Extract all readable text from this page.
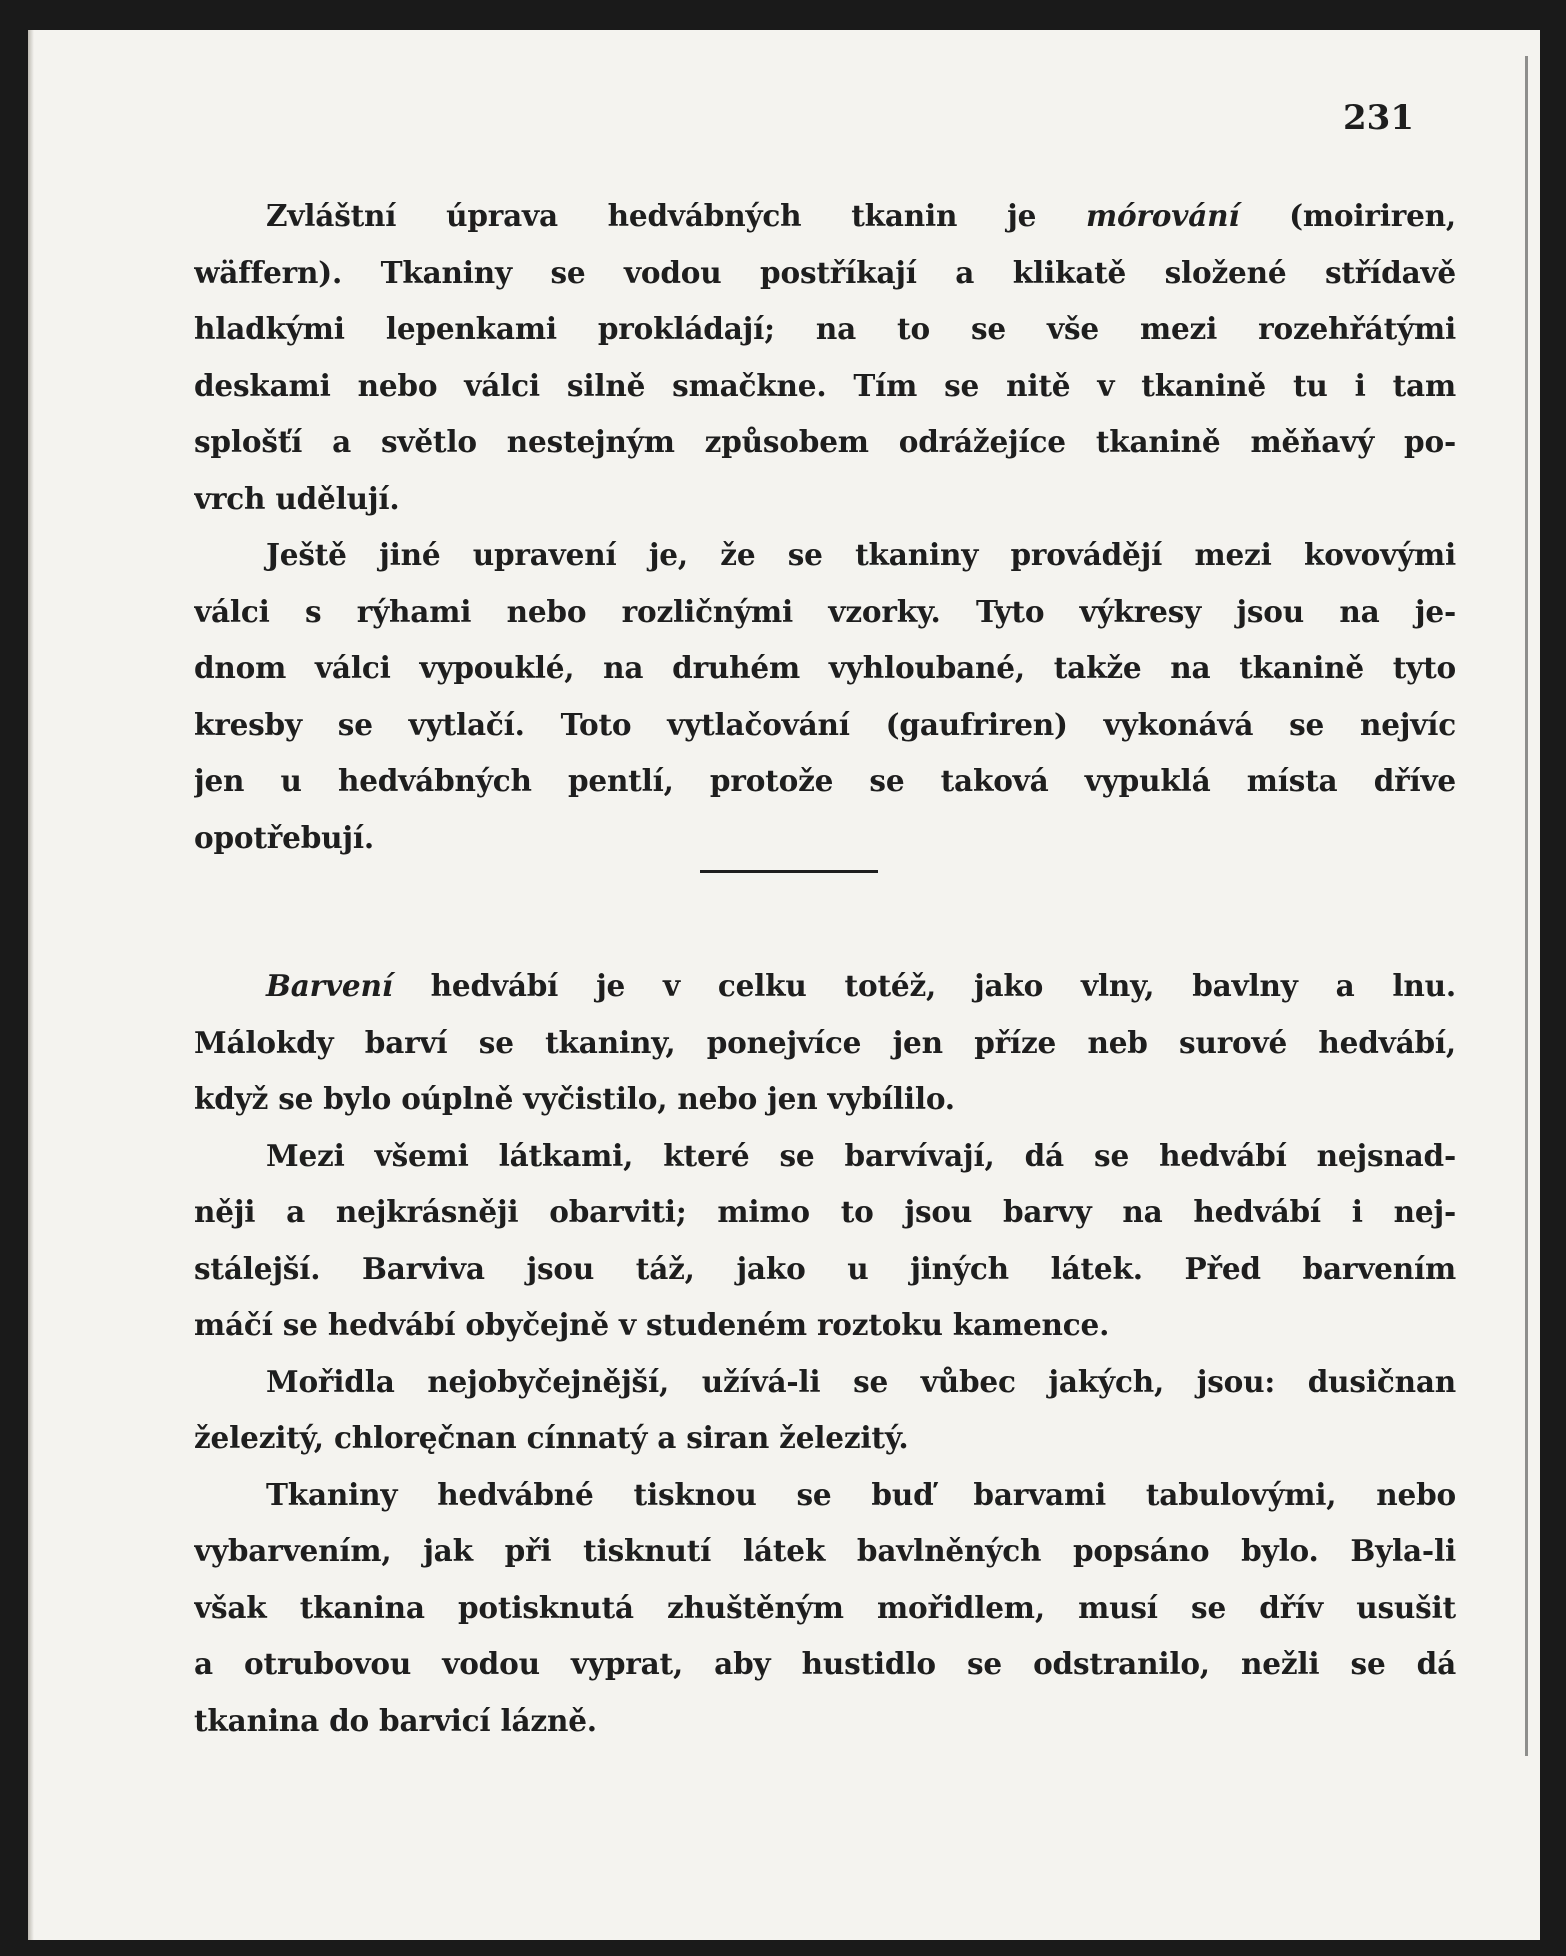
231
Zvláštní úprava hedvábných tkanin je mórování (moiriren,
wäffern). Tkaniny se vodou postříkají a klikatě složené střídavě
hladkými lepenkami prokládají; na to se vše mezi rozehřátými
deskami nebo válci silně smačkne. Tím se nitě v tkanině tu i tam
splošťí a světlo nestejným způsobem odrážejíce tkanině měňavý po-
vrch udělují.
Ještě jiné upravení je, že se tkaniny provádějí mezi kovovými
válci s rýhami nebo rozličnými vzorky. Tyto výkresy jsou na je-
dnom válci vypouklé, na druhém vyhloubané, takže na tkanině tyto
kresby se vytlačí. Toto vytlačování (gaufriren) vykonává se nejvíc
jen u hedvábných pentlí, protože se taková vypuklá místa dříve
opotřebují.
Barvení hedvábí je v celku totéž, jako vlny, bavlny a lnu.
Málokdy barví se tkaniny, ponejvíce jen příze neb surové hedvábí,
když se bylo oúplně vyčistilo, nebo jen vybílilo.
Mezi všemi látkami, které se barvívají, dá se hedvábí nejsnad-
něji a nejkrásněji obarviti; mimo to jsou barvy na hedvábí i nej-
stálejší. Barviva jsou táž, jako u jiných látek. Před barvením
máčí se hedvábí obyčejně v studeném roztoku kamence.
Mořidla nejobyčejnější, užívá-li se vůbec jakých, jsou: dusičnan
železitý, chloręčnan cínnatý a siran železitý.
Tkaniny hedvábné tisknou se buď barvami tabulovými, nebo
vybarvením, jak při tisknutí látek bavlněných popsáno bylo. Byla-li
však tkanina potisknutá zhuštěným mořidlem, musí se dřív usušit
a otrubovou vodou vyprat, aby hustidlo se odstranilo, nežli se dá
tkanina do barvicí lázně.
